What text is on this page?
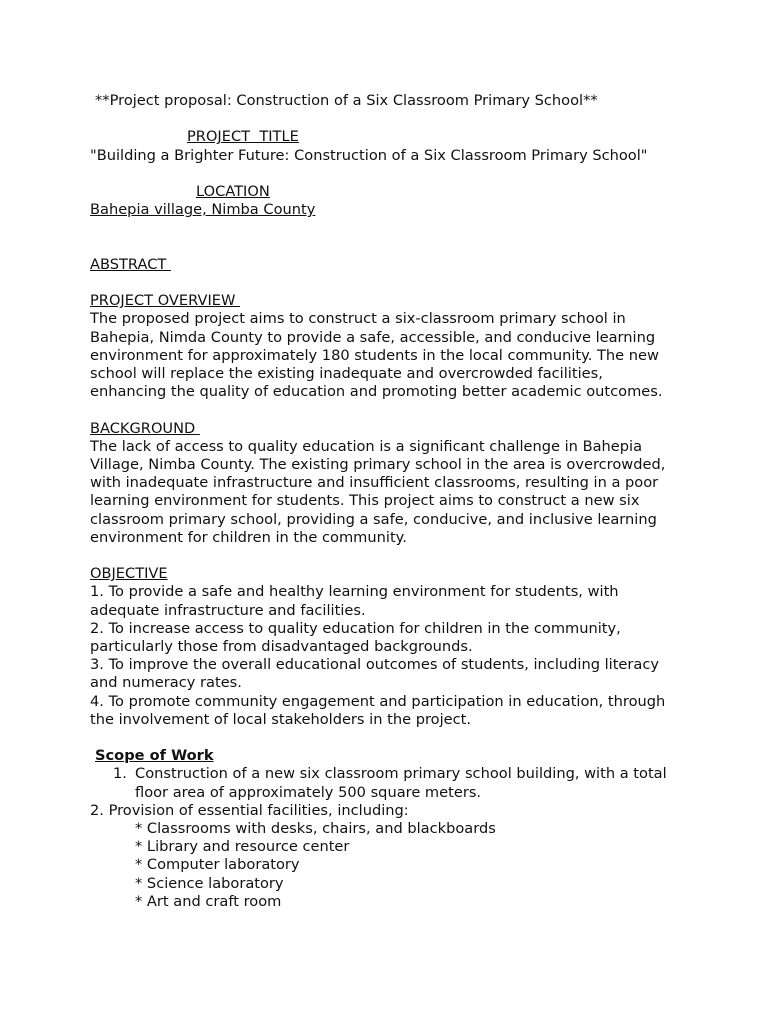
**Project proposal: Construction of a Six Classroom Primary School**
PROJECT  TITLE
"Building a Brighter Future: Construction of a Six Classroom Primary School"
LOCATION
Bahepia village, Nimba County
ABSTRACT
PROJECT OVERVIEW
The proposed project aims to construct a six-classroom primary school in Bahepia, Nimda County to provide a safe, accessible, and conducive learning environment for approximately 180 students in the local community. The new school will replace the existing inadequate and overcrowded facilities, enhancing the quality of education and promoting better academic outcomes.
BACKGROUND
The lack of access to quality education is a significant challenge in Bahepia Village, Nimba County. The existing primary school in the area is overcrowded, with inadequate infrastructure and insufficient classrooms, resulting in a poor learning environment for students. This project aims to construct a new six classroom primary school, providing a safe, conducive, and inclusive learning environment for children in the community.
OBJECTIVE
1. To provide a safe and healthy learning environment for students, with adequate infrastructure and facilities.
2. To increase access to quality education for children in the community, particularly those from disadvantaged backgrounds.
3. To improve the overall educational outcomes of students, including literacy and numeracy rates.
4. To promote community engagement and participation in education, through the involvement of local stakeholders in the project.
Scope of Work
1. Construction of a new six classroom primary school building, with a total floor area of approximately 500 square meters.
2. Provision of essential facilities, including:
* Classrooms with desks, chairs, and blackboards
* Library and resource center
* Computer laboratory
* Science laboratory
* Art and craft room
